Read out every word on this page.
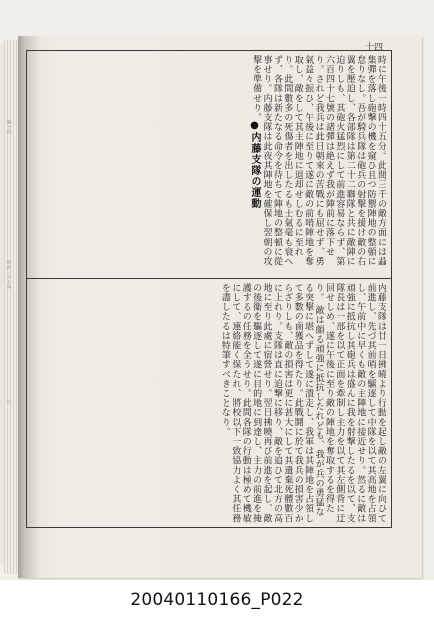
第十四
明治三十七年
日
十四
時に午後一時四十五分。此間三千の敵方面には蝨集彈を落し砲撃の機を窺ひ且つ防禦陣地の整頓に怠りなし。吾が騎兵隊は砲兵の射撃を援け敵の右翼を壓迫し、各部隊は第二十二聯隊と共に敵陣に迫りしも、其砲火猛烈にして前進容易ならず、第六百四十七號の諸彈は絶えず我が陣前に落下せり。されど我兵は此日朝來の苦戰にも屈せず、勇氣益々振ひ、午後に至りて遂に敵の前哨陣地を奪取し、敵をして其主陣地に退却せしむるに至れり。此間數多の死傷者を出したるも士氣毫も衰へず、各隊は新たなる命令を待ちて陣地の整頓に從事せり。内藤支隊は此夜其陣地を確保し翌朝の攻撃を準備せり。
●内藤支隊の運動
内藤支隊は廿一日拂曉より行動を起し敵の左翼に向ひて前進し、先づ其前哨を驅逐して中隊を以て其高地を占領し、午前中に早くも敵の主陣地に接近せり。然るに敵は頑強に抵抗し其砲兵は盛んに我を射撃したるを以て、支隊長は一部を以て正面を牽制し主力を以て其左側背に迂回せしめ、遂に午後に至り敵の陣地を奪取するを得たり。 敵は頗る頑強に抵抗したれども、我が兵の勇猛なる突撃に堪へずして遂に潰走し、我軍は其陣地を占領して多數の鹵獲品を得たり。此戰鬪に於て我兵の損害少からざりしも、敵の損害は更に甚大にして其遺棄死體數百に上れり。支隊は直に追撃に移り、敵を追ひて北方の高地に至り此處に宿營せり。翌日拂曉再び前進を起し、敵の後衞を驅逐して遂に目的地に到達し、主力の前進を掩護するの任務を全うせり。此間各隊の行動は極めて機敏にして、連絡能く保たれ、將校以下一致協力よく其任務を盡したるは特筆すべきことなり。
20040110166_P022
